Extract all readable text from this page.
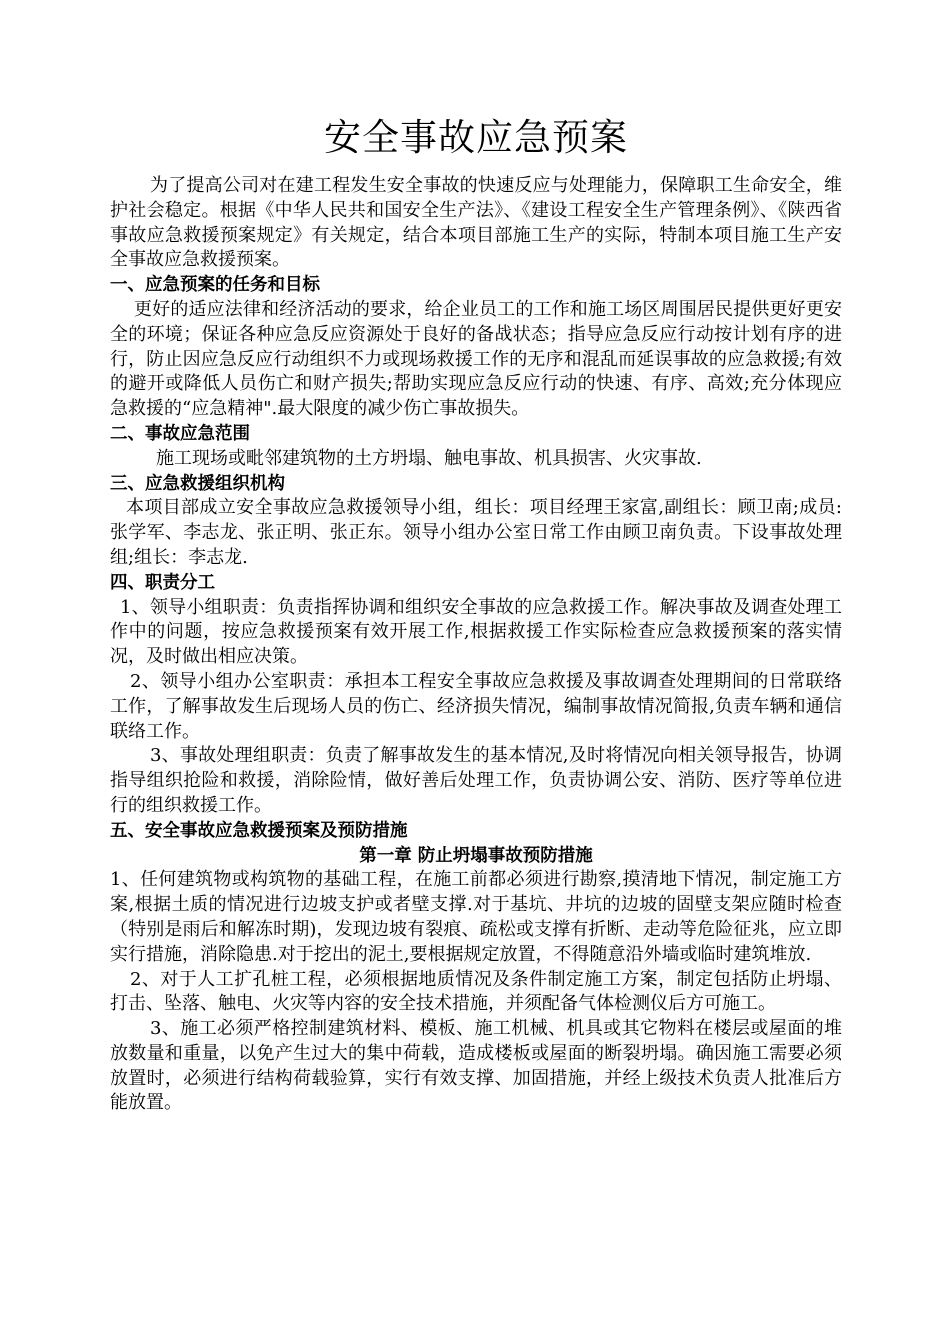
安全事故应急预案

为了提高公司对在建工程发生安全事故的快速反应与处理能力，保障职工生命安全，维护社会稳定。根据《中华人民共和国安全生产法》、《建设工程安全生产管理条例》、《陕西省事故应急救援预案规定》有关规定，结合本项目部施工生产的实际，特制本项目施工生产安全事故应急救援预案。

一、应急预案的任务和目标

更好的适应法律和经济活动的要求，给企业员工的工作和施工场区周围居民提供更好更安全的环境；保证各种应急反应资源处于良好的备战状态；指导应急反应行动按计划有序的进行，防止因应急反应行动组织不力或现场救援工作的无序和混乱而延误事故的应急救援;有效的避开或降低人员伤亡和财产损失;帮助实现应急反应行动的快速、有序、高效;充分体现应急救援的“应急精神".最大限度的减少伤亡事故损失。

二、事故应急范围

施工现场或毗邻建筑物的土方坍塌、触电事故、机具损害、火灾事故.

三、应急救援组织机构

本项目部成立安全事故应急救援领导小组，组长：项目经理王家富,副组长：顾卫南;成员:张学军、李志龙、张正明、张正东。领导小组办公室日常工作由顾卫南负责。下设事故处理组;组长：李志龙.

四、职责分工

1、领导小组职责：负责指挥协调和组织安全事故的应急救援工作。解决事故及调查处理工作中的问题，按应急救援预案有效开展工作,根据救援工作实际检查应急救援预案的落实情况，及时做出相应决策。

2、领导小组办公室职责：承担本工程安全事故应急救援及事故调查处理期间的日常联络工作，了解事故发生后现场人员的伤亡、经济损失情况，编制事故情况简报,负责车辆和通信联络工作。

3、事故处理组职责：负责了解事故发生的基本情况,及时将情况向相关领导报告，协调指导组织抢险和救援，消除险情，做好善后处理工作，负责协调公安、消防、医疗等单位进行的组织救援工作。

五、安全事故应急救援预案及预防措施

第一章 防止坍塌事故预防措施

1、任何建筑物或构筑物的基础工程，在施工前都必须进行勘察,摸清地下情况，制定施工方案,根据土质的情况进行边坡支护或者壁支撑.对于基坑、井坑的边坡的固壁支架应随时检查（特别是雨后和解冻时期)，发现边坡有裂痕、疏松或支撑有折断、走动等危险征兆，应立即实行措施，消除隐患.对于挖出的泥土,要根据规定放置，不得随意沿外墙或临时建筑堆放.

2、对于人工扩孔桩工程，必须根据地质情况及条件制定施工方案，制定包括防止坍塌、打击、坠落、触电、火灾等内容的安全技术措施，并须配备气体检测仪后方可施工。

3、施工必须严格控制建筑材料、模板、施工机械、机具或其它物料在楼层或屋面的堆放数量和重量，以免产生过大的集中荷载，造成楼板或屋面的断裂坍塌。确因施工需要必须放置时，必须进行结构荷载验算，实行有效支撑、加固措施，并经上级技术负责人批准后方能放置。
